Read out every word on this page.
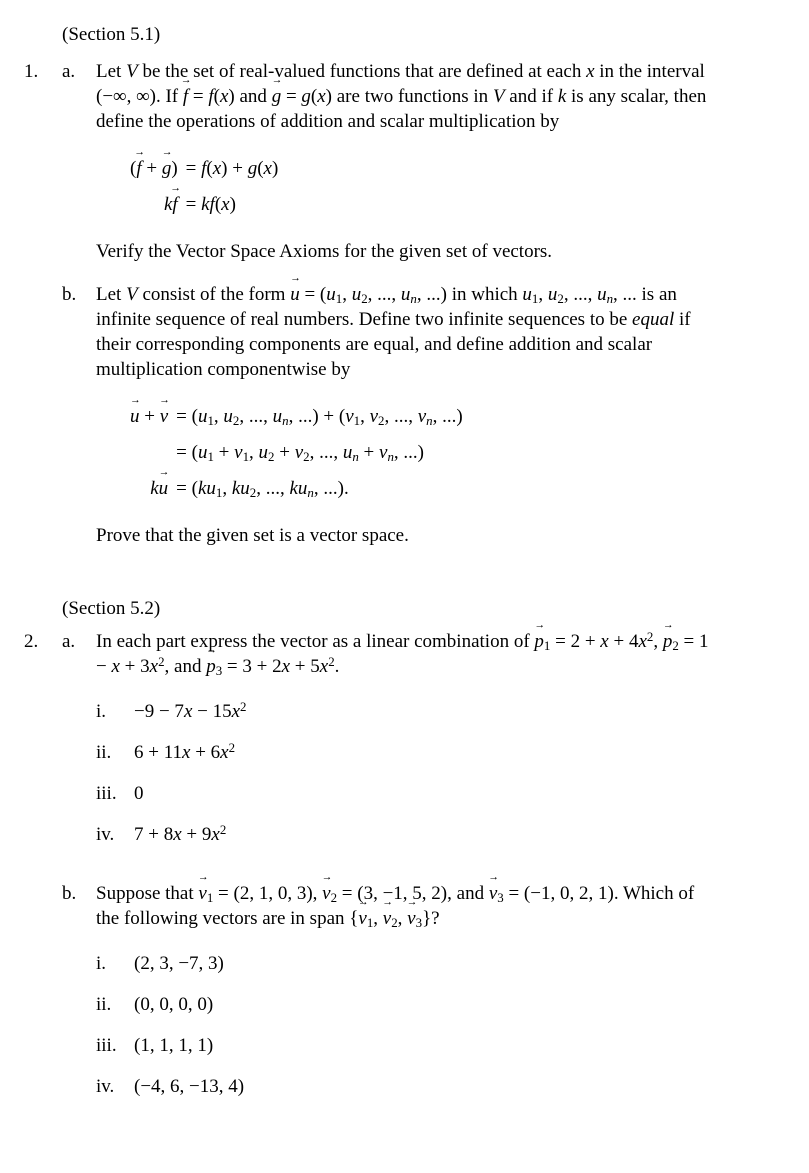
(Section 5.1)
1.	a.	Let V be the set of real-valued functions that are defined at each x in the interval (−∞, ∞). If → f = f(x) and → g = g(x) are two functions in V and if k is any scalar, then define the operations of addition and scalar multiplication by

(→ f + → g) = f(x) + g(x)
k→ f = kf(x)

Verify the Vector Space Axioms for the given set of vectors.

b.	Let V consist of the form → $u = (u_1$, $u_2$, ..., $u_n$, ...) in which $u_1$, $u_2$, ..., $u_n$, ... is an infinite sequence of real numbers. Define two infinite sequences to be equal if their corresponding components are equal, and define addition and scalar multiplication componentwise by

→ u + → $v = (u_1$, $u_2$, ..., $u_n$, ...) + ($v_1$, $v_2$, ..., $v_n$, ...)
= ($u_1 + v_1$, $u_2 + v_2$, ..., $u_n + v_n$, ...)
$k\to u = (ku_1$, $ku_2$, ..., $ku_n$, ...).

Prove that the given set is a vector space.

(Section 5.2)
2.	a.	In each part express the vector as a linear combination of → $p_1 = 2 + x + 4x^2$, → $p_2 = 1 - x + 3x^2$, and → $p_3 = 3 + 2x + 5x^2$.

i.	$-9 - 7x - 15x^2$
ii.	$6 + 11x + 6x^2$
iii. 0
iv.	$7 + 8x + 9x^2$
b.	Suppose that → $v_1 = (2$, 1, 0, 3), → $v_2 = (3$, −1, 5, 2), and → $v_3 = (-1$, 0, 2, 1). Which of the following vectors are in span {→ $v_1$, → $v_2$, → $v_3$}?

i.	(2, 3, −7, 3)
ii.	(0, 0, 0, 0)
iii. (1, 1, 1, 1)
iv.	(−4, 6, −13, 4)
